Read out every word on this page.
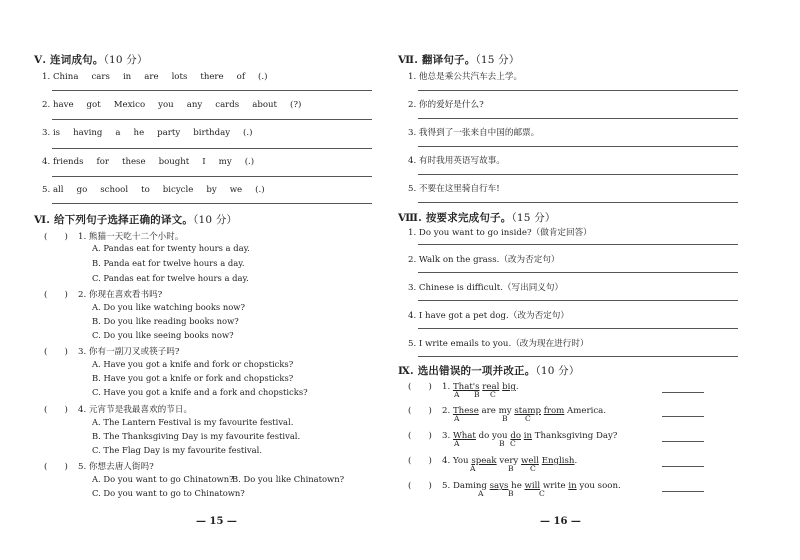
Ⅴ. 连词成句。（10 分）
1. China cars in are lots there of (.)
2. have got Mexico you any cards about (?)
3. is having a he party birthday (.)
4. friends for these bought I my (.)
5. all go school to bicycle by we (.)
Ⅵ. 给下列句子选择正确的译文。（10 分）
(　　) 1. 熊猫一天吃十二个小时。
A. Pandas eat for twenty hours a day.
B. Panda eat for twelve hours a day.
C. Pandas eat for twelve hours a day.
(　　) 2. 你现在喜欢看书吗?
A. Do you like watching books now?
B. Do you like reading books now?
C. Do you like seeing books now?
(　　) 3. 你有一副刀叉或筷子吗?
A. Have you got a knife and fork or chopsticks?
B. Have you got a knife or fork and chopsticks?
C. Have you got a knife and a fork and chopsticks?
(　　) 4. 元宵节是我最喜欢的节日。
A. The Lantern Festival is my favourite festival.
B. The Thanksgiving Day is my favourite festival.
C. The Flag Day is my favourite festival.
(　　) 5. 你想去唐人街吗?
A. Do you want to go Chinatown?
B. Do you like Chinatown?
C. Do you want to go to Chinatown?
— 15 —
Ⅶ. 翻译句子。（15 分）
1. 他总是乘公共汽车去上学。
2. 你的爱好是什么?
3. 我得到了一张来自中国的邮票。
4. 有时我用英语写故事。
5. 不要在这里骑自行车!
Ⅷ. 按要求完成句子。（15 分）
1. Do you want to go inside?（做肯定回答）
2. Walk on the grass.（改为否定句）
3. Chinese is difficult.（写出同义句）
4. I have got a pet dog.（改为否定句）
5. I write emails to you.（改为现在进行时）
Ⅸ. 选出错误的一项并改正。（10 分）
(　　) 1. That's real big.
A B C
(　　) 2. These are my stamp from America.
A	B C
(　　) 3. What do you do in Thanksgiving Day?
A	B C
(　　) 4. You speak very well English.
A	B C
(　　) 5. Daming says he will write in you soon.
A	B	C
— 16 —
